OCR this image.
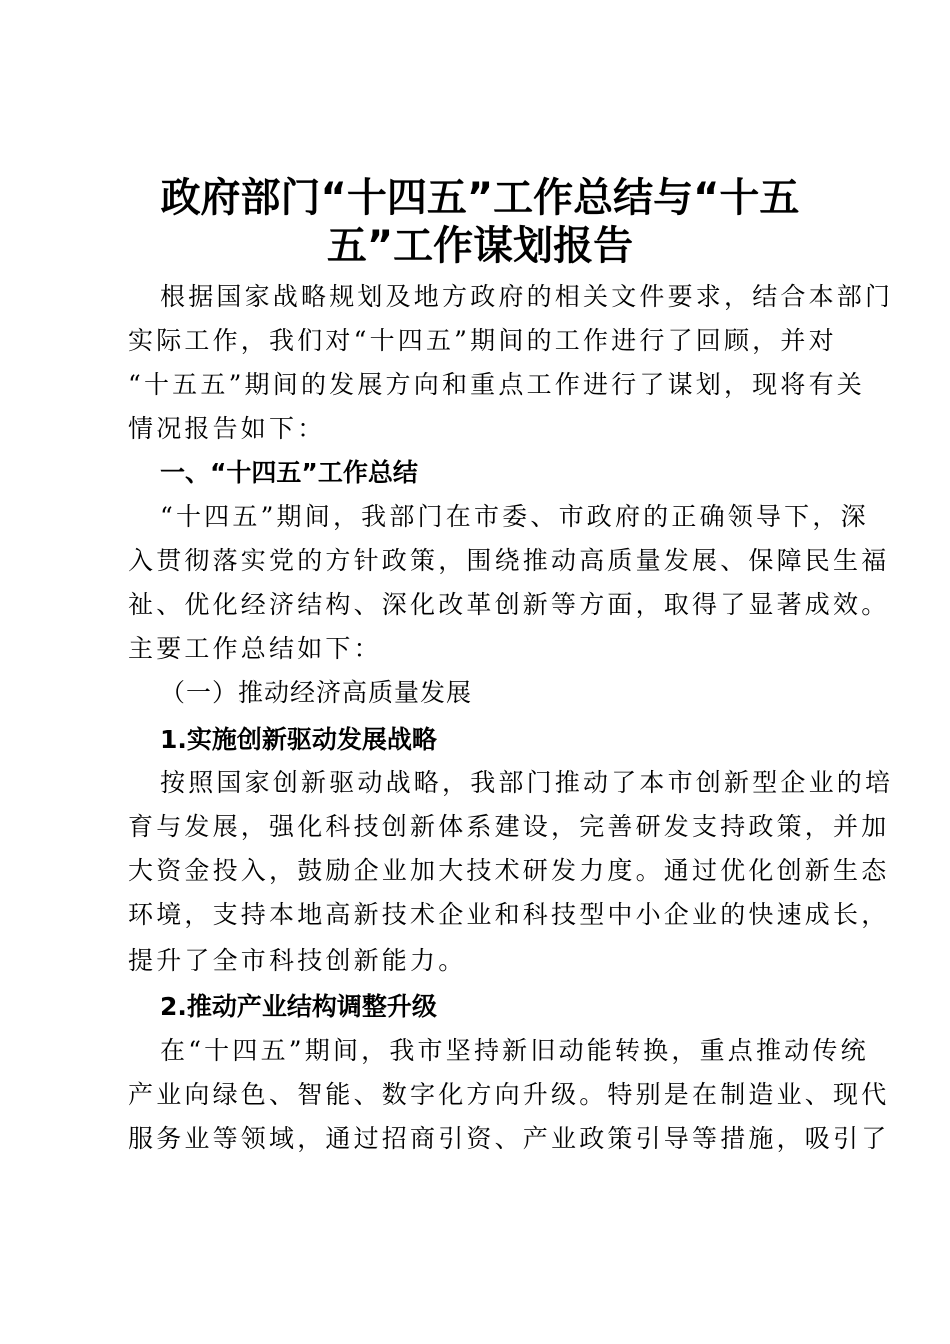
政府部门“十四五”工作总结与“十五
五”工作谋划报告
根据国家战略规划及地方政府的相关文件要求，结合本部门
实际工作，我们对“十四五”期间的工作进行了回顾，并对
“十五五”期间的发展方向和重点工作进行了谋划，现将有关
情况报告如下：
一、“十四五”工作总结
“十四五”期间，我部门在市委、市政府的正确领导下，深
入贯彻落实党的方针政策，围绕推动高质量发展、保障民生福
祉、优化经济结构、深化改革创新等方面，取得了显著成效。
主要工作总结如下：
（一）推动经济高质量发展
1.实施创新驱动发展战略
按照国家创新驱动战略，我部门推动了本市创新型企业的培
育与发展，强化科技创新体系建设，完善研发支持政策，并加
大资金投入，鼓励企业加大技术研发力度。通过优化创新生态
环境，支持本地高新技术企业和科技型中小企业的快速成长，
提升了全市科技创新能力。
2.推动产业结构调整升级
在“十四五”期间，我市坚持新旧动能转换，重点推动传统
产业向绿色、智能、数字化方向升级。特别是在制造业、现代
服务业等领域，通过招商引资、产业政策引导等措施，吸引了
